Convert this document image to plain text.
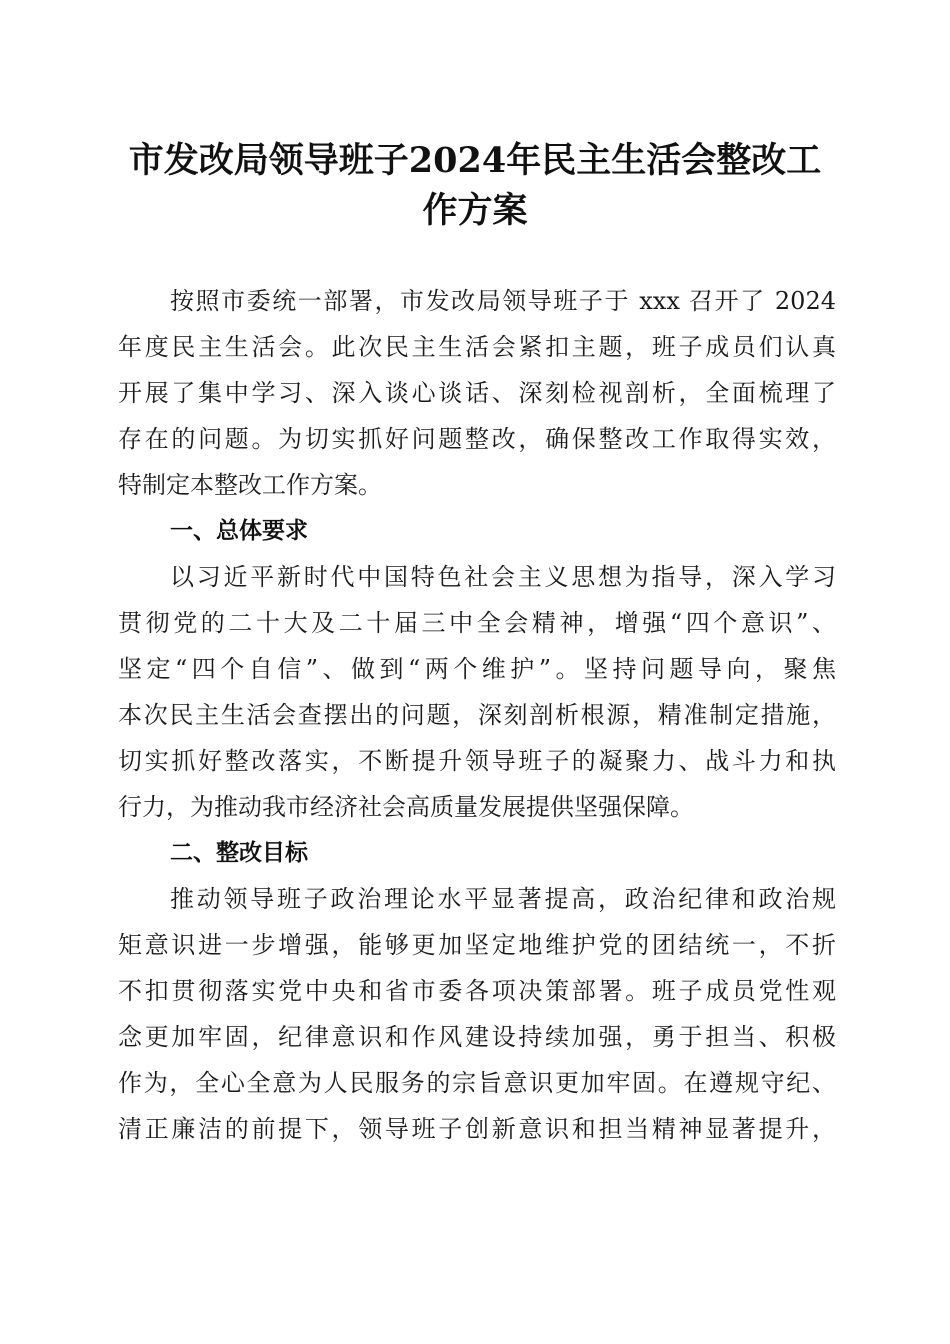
市发改局领导班子2024年民主生活会整改工
作方案
按照市委统一部署，市发改局领导班子于 xxx 召开了 2024
年度民主生活会。此次民主生活会紧扣主题，班子成员们认真
开展了集中学习、深入谈心谈话、深刻检视剖析，全面梳理了
存在的问题。为切实抓好问题整改，确保整改工作取得实效，
特制定本整改工作方案。
一、总体要求
以习近平新时代中国特色社会主义思想为指导，深入学习
贯彻党的二十大及二十届三中全会精神，增强“四个意识”、
坚定“四个自信”、做到“两个维护”。坚持问题导向，聚焦
本次民主生活会查摆出的问题，深刻剖析根源，精准制定措施，
切实抓好整改落实，不断提升领导班子的凝聚力、战斗力和执
行力，为推动我市经济社会高质量发展提供坚强保障。
二、整改目标
推动领导班子政治理论水平显著提高，政治纪律和政治规
矩意识进一步增强，能够更加坚定地维护党的团结统一，不折
不扣贯彻落实党中央和省市委各项决策部署。班子成员党性观
念更加牢固，纪律意识和作风建设持续加强，勇于担当、积极
作为，全心全意为人民服务的宗旨意识更加牢固。在遵规守纪、
清正廉洁的前提下，领导班子创新意识和担当精神显著提升，
